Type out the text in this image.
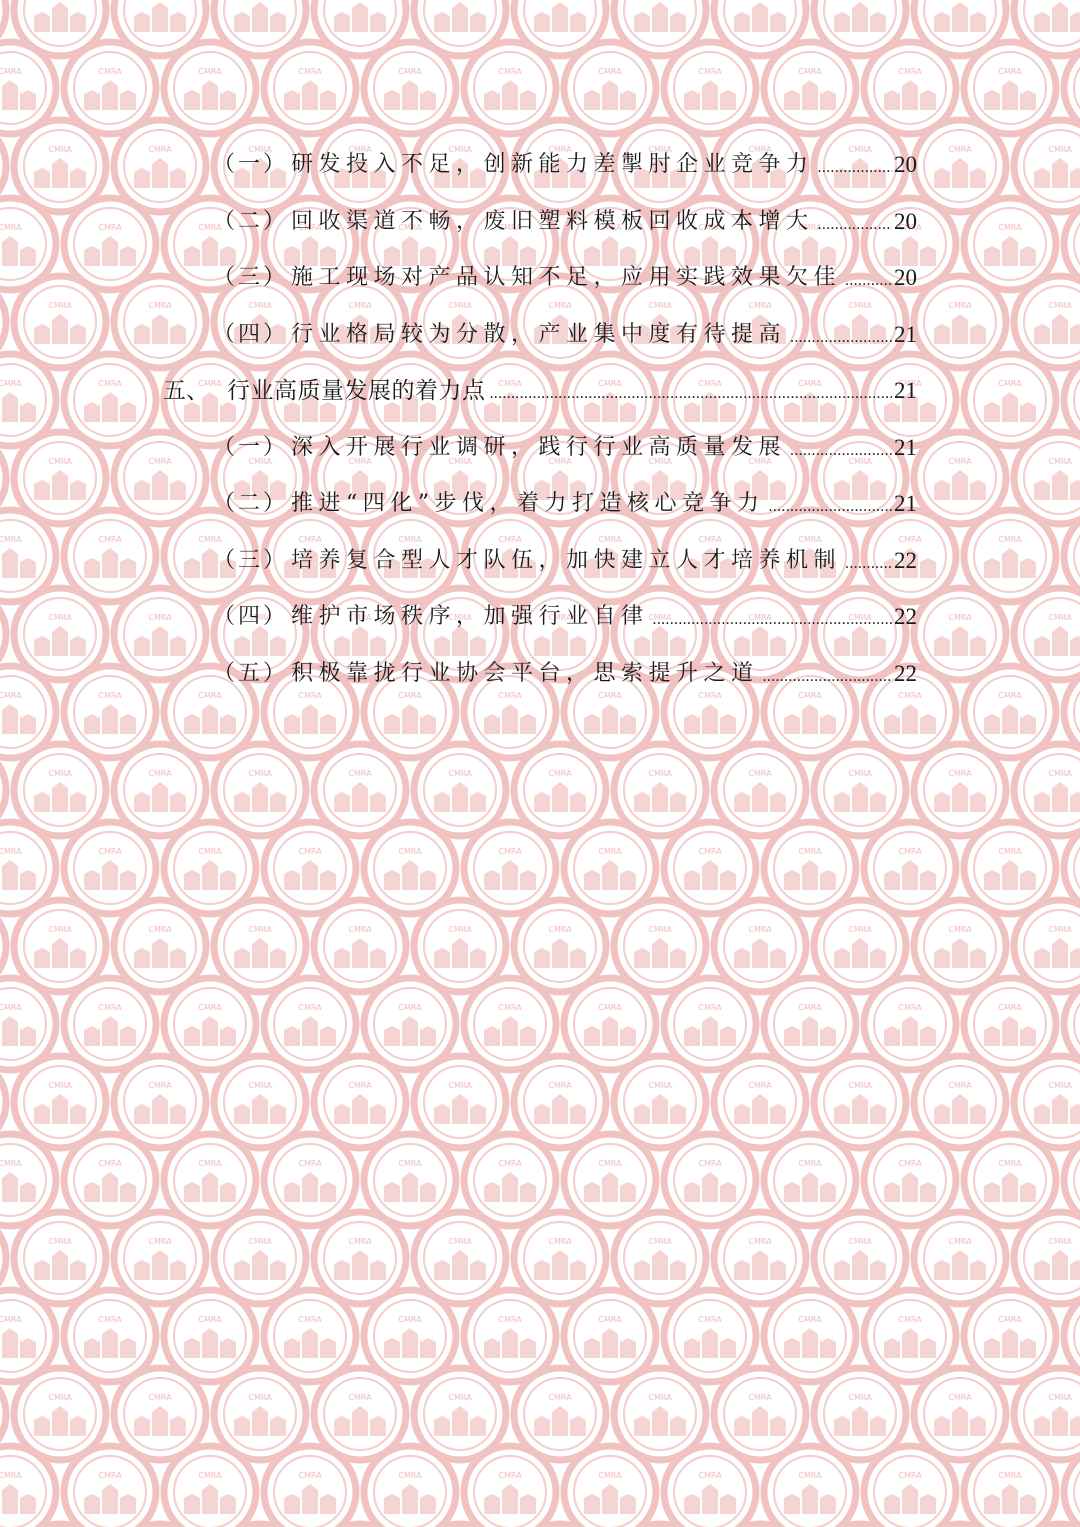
（一） 研发投入不足，创新能力差掣肘企业竞争力 .....	20
（二） 回收渠道不畅，废旧塑料模板回收成本增大 .....	20
（三） 施工现场对产品认知不足，应用实践效果欠佳 ..... 20
（四） 行业格局较为分散，产业集中度有待提高 .....	21
五、 行业高质量发展的着力点 .....	21
（一） 深入开展行业调研，践行行业高质量发展 .....	21
（二） 推进“四化”步伐，着力打造核心竞争力 .....	21
（三） 培养复合型人才队伍，加快建立人才培养机制 ..... 22
（四） 维护市场秩序，加强行业自律 .....	22
（五） 积极靠拢行业协会平台，思索提升之道 .....	22
